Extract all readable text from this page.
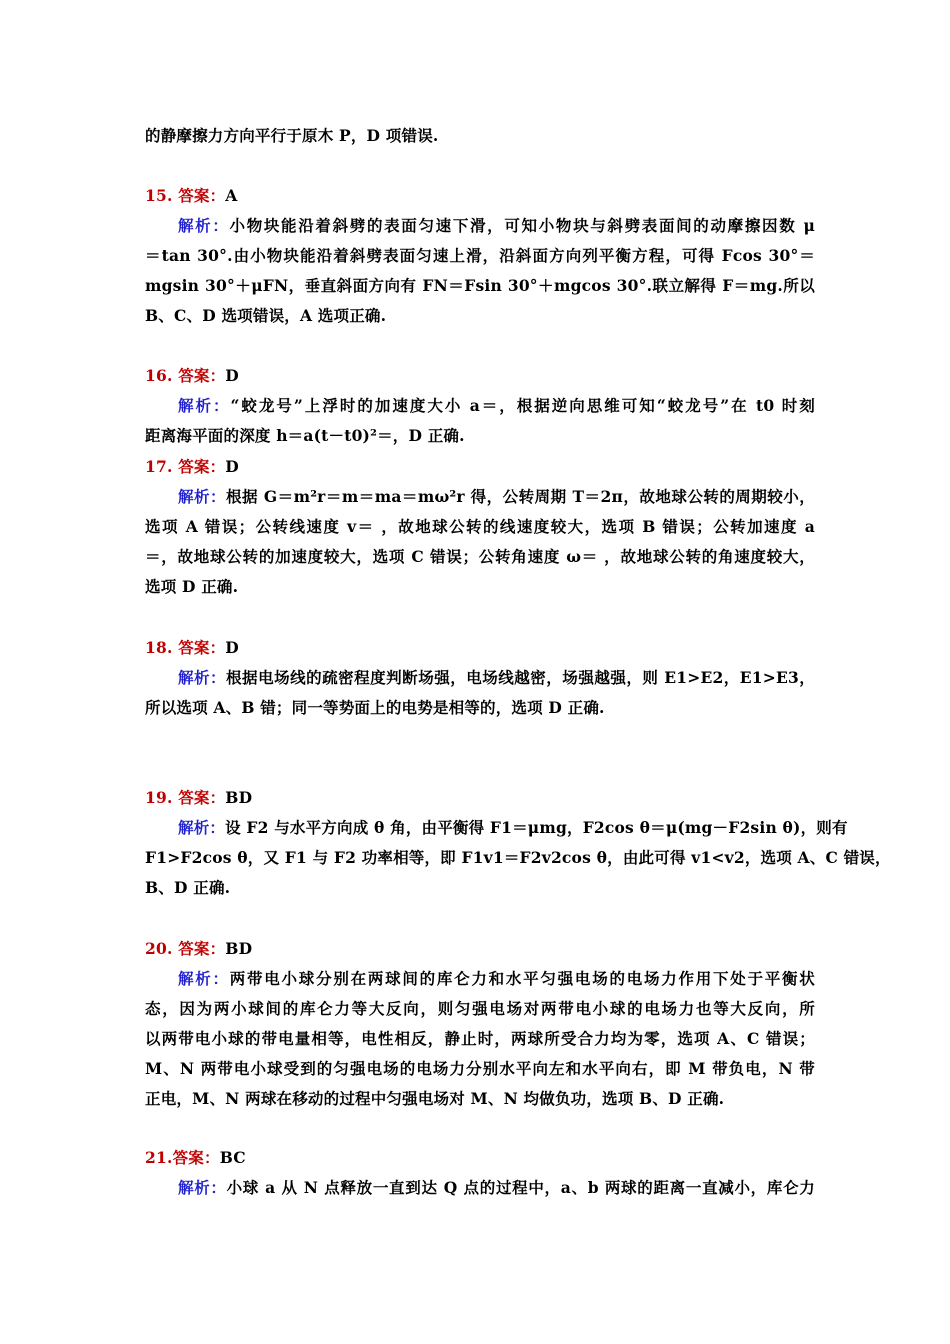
的静摩擦力方向平行于原木 P，D 项错误.
15. 答案：A
解析：小物块能沿着斜劈的表面匀速下滑，可知小物块与斜劈表面间的动摩擦因数 μ
＝tan 30°.由小物块能沿着斜劈表面匀速上滑，沿斜面方向列平衡方程，可得 Fcos 30°＝
mgsin 30°＋μFN，垂直斜面方向有 FN＝Fsin 30°＋mgcos 30°.联立解得 F＝mg.所以
B、C、D 选项错误，A 选项正确.
16. 答案：D
解析：“蛟龙号”上浮时的加速度大小 a＝，根据逆向思维可知“蛟龙号”在 t0 时刻
距离海平面的深度 h＝a(t－t0)²＝，D 正确.
17. 答案：D
解析：根据 G＝m²r＝m＝ma＝mω²r 得，公转周期 T＝2π，故地球公转的周期较小，
选项 A 错误；公转线速度 v＝ ，故地球公转的线速度较大，选项 B 错误；公转加速度 a
＝，故地球公转的加速度较大，选项 C 错误；公转角速度 ω＝ ，故地球公转的角速度较大，
选项 D 正确.
18. 答案：D
解析：根据电场线的疏密程度判断场强，电场线越密，场强越强，则 E1>E2，E1>E3，
所以选项 A、B 错；同一等势面上的电势是相等的，选项 D 正确.
19. 答案：BD
解析：设 F2 与水平方向成 θ 角，由平衡得 F1＝μmg，F2cos θ＝μ(mg－F2sin θ)，则有
F1>F2cos θ，又 F1 与 F2 功率相等，即 F1v1＝F2v2cos θ，由此可得 v1<v2，选项 A、C 错误，
B、D 正确.
20. 答案：BD
解析：两带电小球分别在两球间的库仑力和水平匀强电场的电场力作用下处于平衡状
态，因为两小球间的库仑力等大反向，则匀强电场对两带电小球的电场力也等大反向，所
以两带电小球的带电量相等，电性相反，静止时，两球所受合力均为零，选项 A、C 错误；
M、N 两带电小球受到的匀强电场的电场力分别水平向左和水平向右，即 M 带负电，N 带
正电，M、N 两球在移动的过程中匀强电场对 M、N 均做负功，选项 B、D 正确.
21.答案：BC
解析：小球 a 从 N 点释放一直到达 Q 点的过程中，a、b 两球的距离一直减小，库仑力
